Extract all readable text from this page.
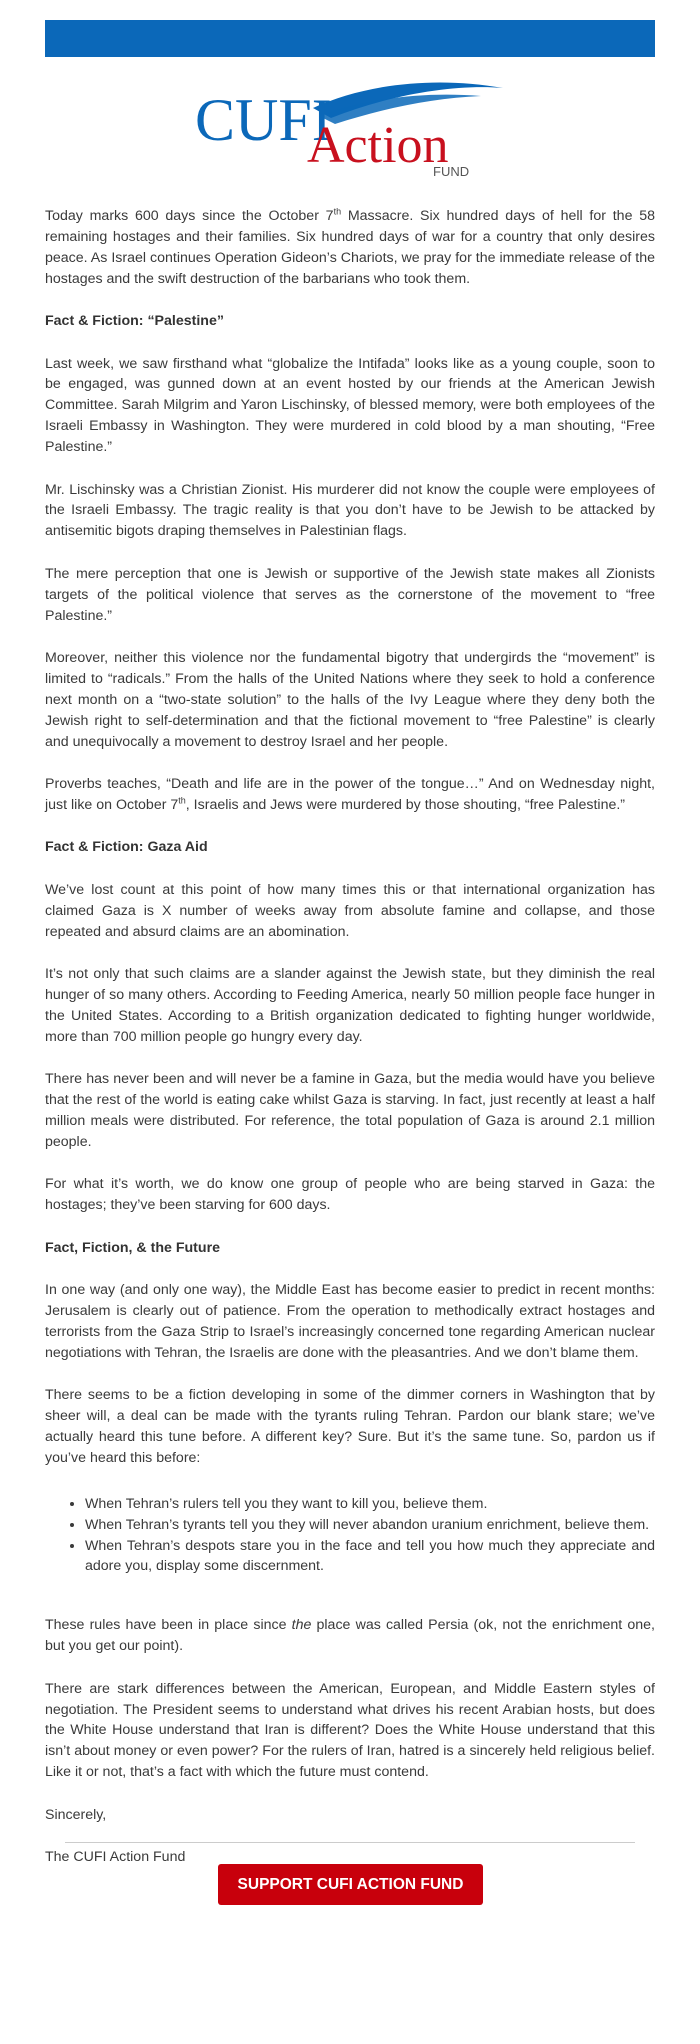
CUFI
Action
FUND

Today marks 600 days since the October 7th Massacre. Six hundred days of hell for the 58 remaining hostages and their families. Six hundred days of war for a country that only desires peace. As Israel continues Operation Gideon’s Chariots, we pray for the immediate release of the hostages and the swift destruction of the barbarians who took them.

Fact & Fiction: “Palestine”

Last week, we saw firsthand what “globalize the Intifada” looks like as a young couple, soon to be engaged, was gunned down at an event hosted by our friends at the American Jewish Committee. Sarah Milgrim and Yaron Lischinsky, of blessed memory, were both employees of the Israeli Embassy in Washington. They were murdered in cold blood by a man shouting, “Free Palestine.”

Mr. Lischinsky was a Christian Zionist. His murderer did not know the couple were employees of the Israeli Embassy. The tragic reality is that you don’t have to be Jewish to be attacked by antisemitic bigots draping themselves in Palestinian flags.

The mere perception that one is Jewish or supportive of the Jewish state makes all Zionists targets of the political violence that serves as the cornerstone of the movement to “free Palestine.”

Moreover, neither this violence nor the fundamental bigotry that undergirds the “movement” is limited to “radicals.” From the halls of the United Nations where they seek to hold a conference next month on a “two-state solution” to the halls of the Ivy League where they deny both the Jewish right to self-determination and that the fictional movement to “free Palestine” is clearly and unequivocally a movement to destroy Israel and her people.

Proverbs teaches, “Death and life are in the power of the tongue…” And on Wednesday night, just like on October 7th, Israelis and Jews were murdered by those shouting, “free Palestine.”

Fact & Fiction: Gaza Aid

We’ve lost count at this point of how many times this or that international organization has claimed Gaza is X number of weeks away from absolute famine and collapse, and those repeated and absurd claims are an abomination.

It’s not only that such claims are a slander against the Jewish state, but they diminish the real hunger of so many others. According to Feeding America, nearly 50 million people face hunger in the United States. According to a British organization dedicated to fighting hunger worldwide, more than 700 million people go hungry every day.

There has never been and will never be a famine in Gaza, but the media would have you believe that the rest of the world is eating cake whilst Gaza is starving. In fact, just recently at least a half million meals were distributed. For reference, the total population of Gaza is around 2.1 million people.

For what it’s worth, we do know one group of people who are being starved in Gaza: the hostages; they’ve been starving for 600 days.

Fact, Fiction, & the Future

In one way (and only one way), the Middle East has become easier to predict in recent months: Jerusalem is clearly out of patience. From the operation to methodically extract hostages and terrorists from the Gaza Strip to Israel’s increasingly concerned tone regarding American nuclear negotiations with Tehran, the Israelis are done with the pleasantries. And we don’t blame them.

There seems to be a fiction developing in some of the dimmer corners in Washington that by sheer will, a deal can be made with the tyrants ruling Tehran. Pardon our blank stare; we’ve actually heard this tune before. A different key? Sure. But it’s the same tune. So, pardon us if you’ve heard this before:

• When Tehran’s rulers tell you they want to kill you, believe them.
• When Tehran’s tyrants tell you they will never abandon uranium enrichment, believe them.
• When Tehran’s despots stare you in the face and tell you how much they appreciate and adore you, display some discernment.

These rules have been in place since the place was called Persia (ok, not the enrichment one, but you get our point).

There are stark differences between the American, European, and Middle Eastern styles of negotiation. The President seems to understand what drives his recent Arabian hosts, but does the White House understand that Iran is different? Does the White House understand that this isn’t about money or even power? For the rulers of Iran, hatred is a sincerely held religious belief. Like it or not, that’s a fact with which the future must contend.

Sincerely,

The CUFI Action Fund

SUPPORT CUFI ACTION FUND
